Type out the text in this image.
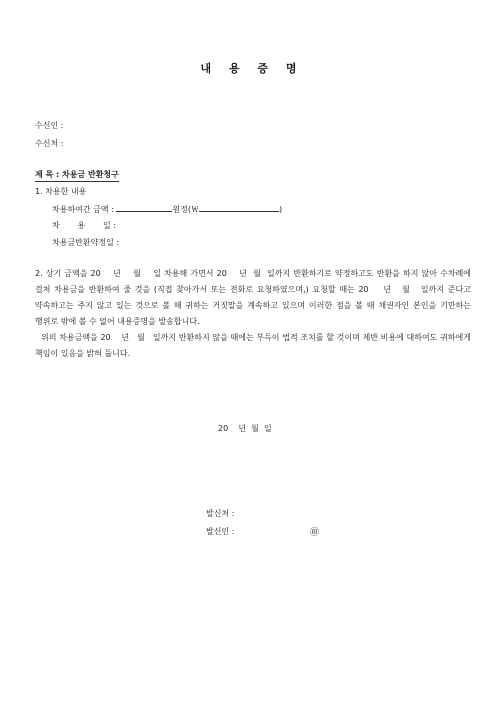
내 용 증 명
수신인 :
수신처 :
제 목 : 차용금 반환청구
1. 차용한 내용
차용하여간 금액 :	원정(￦	)
차       용       일 :
차용금반환약정일 :

2. 상기 금액을 20    년    월    일 차용해 가면서 20    년  월  일까지 반환하기로 약정하고도 반환을 하지 않아 수차례에 걸쳐 차용금을 반환하여 줄 것을 (직접 찾아가서 또는 전화로 요청하였으며,) 요청할 때는 20    년   월   일까지 준다고 약속하고는 주지 않고 있는 것으로 볼 때 귀하는 거짓말을 계속하고 있으며 이러한 점을 볼 때 채권자인 본인을 기만하는 행위로 밖에 볼 수 없어 내용증명을 발송합니다.

위의 차용금액을 20    년   월   일까지 반환하지 않을 때에는 부득이 법적 조치를 할 것이며 제반 비용에 대하여도 귀하에게 책임이 있음을 밝혀 둡니다.

20    년  월  일
발신처 :
발신인 :	㊞
